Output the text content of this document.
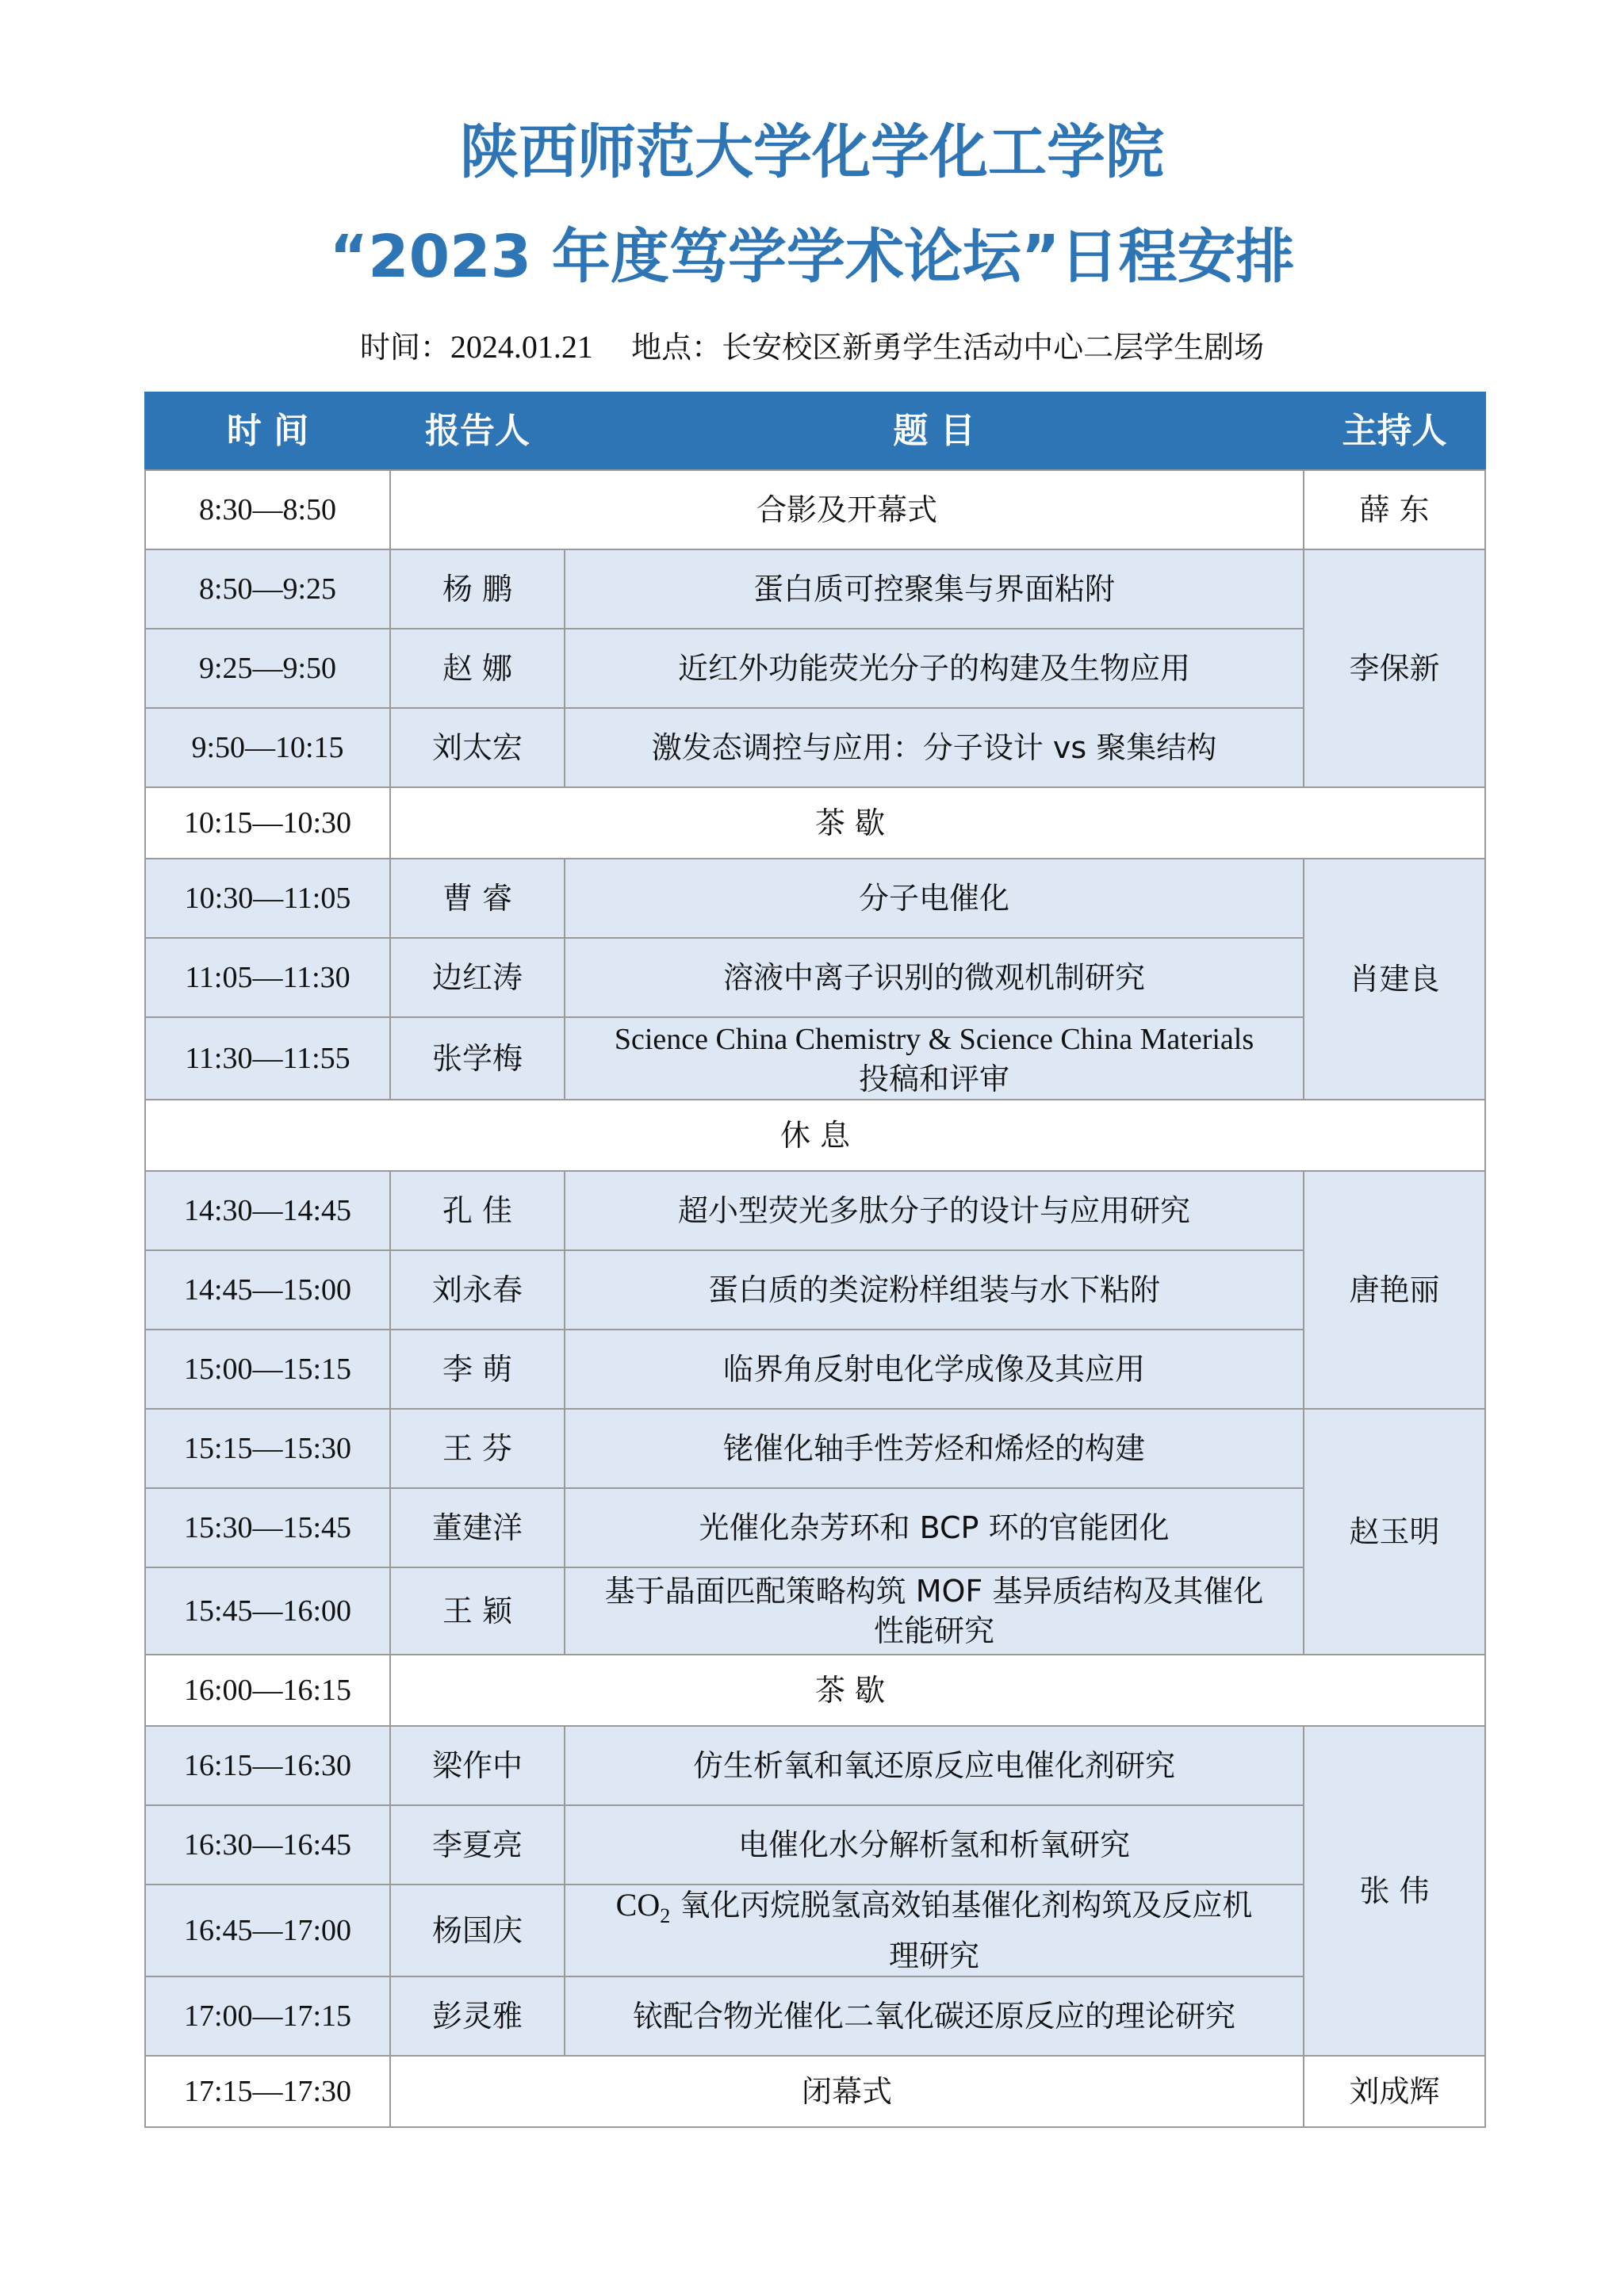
陕西师范大学化学化工学院
“2023 年度笃学学术论坛”日程安排
时间：2024.01.21 地点：长安校区新勇学生活动中心二层学生剧场
时 间	报告人	题 目	主持人
8:30—8:50	合影及开幕式		薛 东
8:50—9:25	杨 鹏	蛋白质可控聚集与界面粘附	李保新
9:25—9:50	赵 娜	近红外功能荧光分子的构建及生物应用	
9:50—10:15	刘太宏	激发态调控与应用：分子设计 vs 聚集结构	
10:15—10:30	茶 歇		
10:30—11:05	曹 睿	分子电催化	肖建良
11:05—11:30	边红涛	溶液中离子识别的微观机制研究	
11:30—11:55	张学梅	Science China Chemistry & Science China Materials
投稿和评审	
休 息			
14:30—14:45	孔 佳	超小型荧光多肽分子的设计与应用研究	唐艳丽
14:45—15:00	刘永春	蛋白质的类淀粉样组装与水下粘附	
15:00—15:15	李 萌	临界角反射电化学成像及其应用	
15:15—15:30	王 芬	铑催化轴手性芳烃和烯烃的构建	赵玉明
15:30—15:45	董建洋	光催化杂芳环和 BCP 环的官能团化	
15:45—16:00	王 颖	基于晶面匹配策略构筑 MOF 基异质结构及其催化
性能研究	
16:00—16:15	茶 歇		
16:15—16:30	梁作中	仿生析氧和氧还原反应电催化剂研究	张 伟
16:30—16:45	李夏亮	电催化水分解析氢和析氧研究	
16:45—17:00	杨国庆	$CO_2$ 氧化丙烷脱氢高效铂基催化剂构筑及反应机
理研究	
17:00—17:15	彭灵雅	铱配合物光催化二氧化碳还原反应的理论研究	
17:15—17:30	闭幕式		刘成辉
